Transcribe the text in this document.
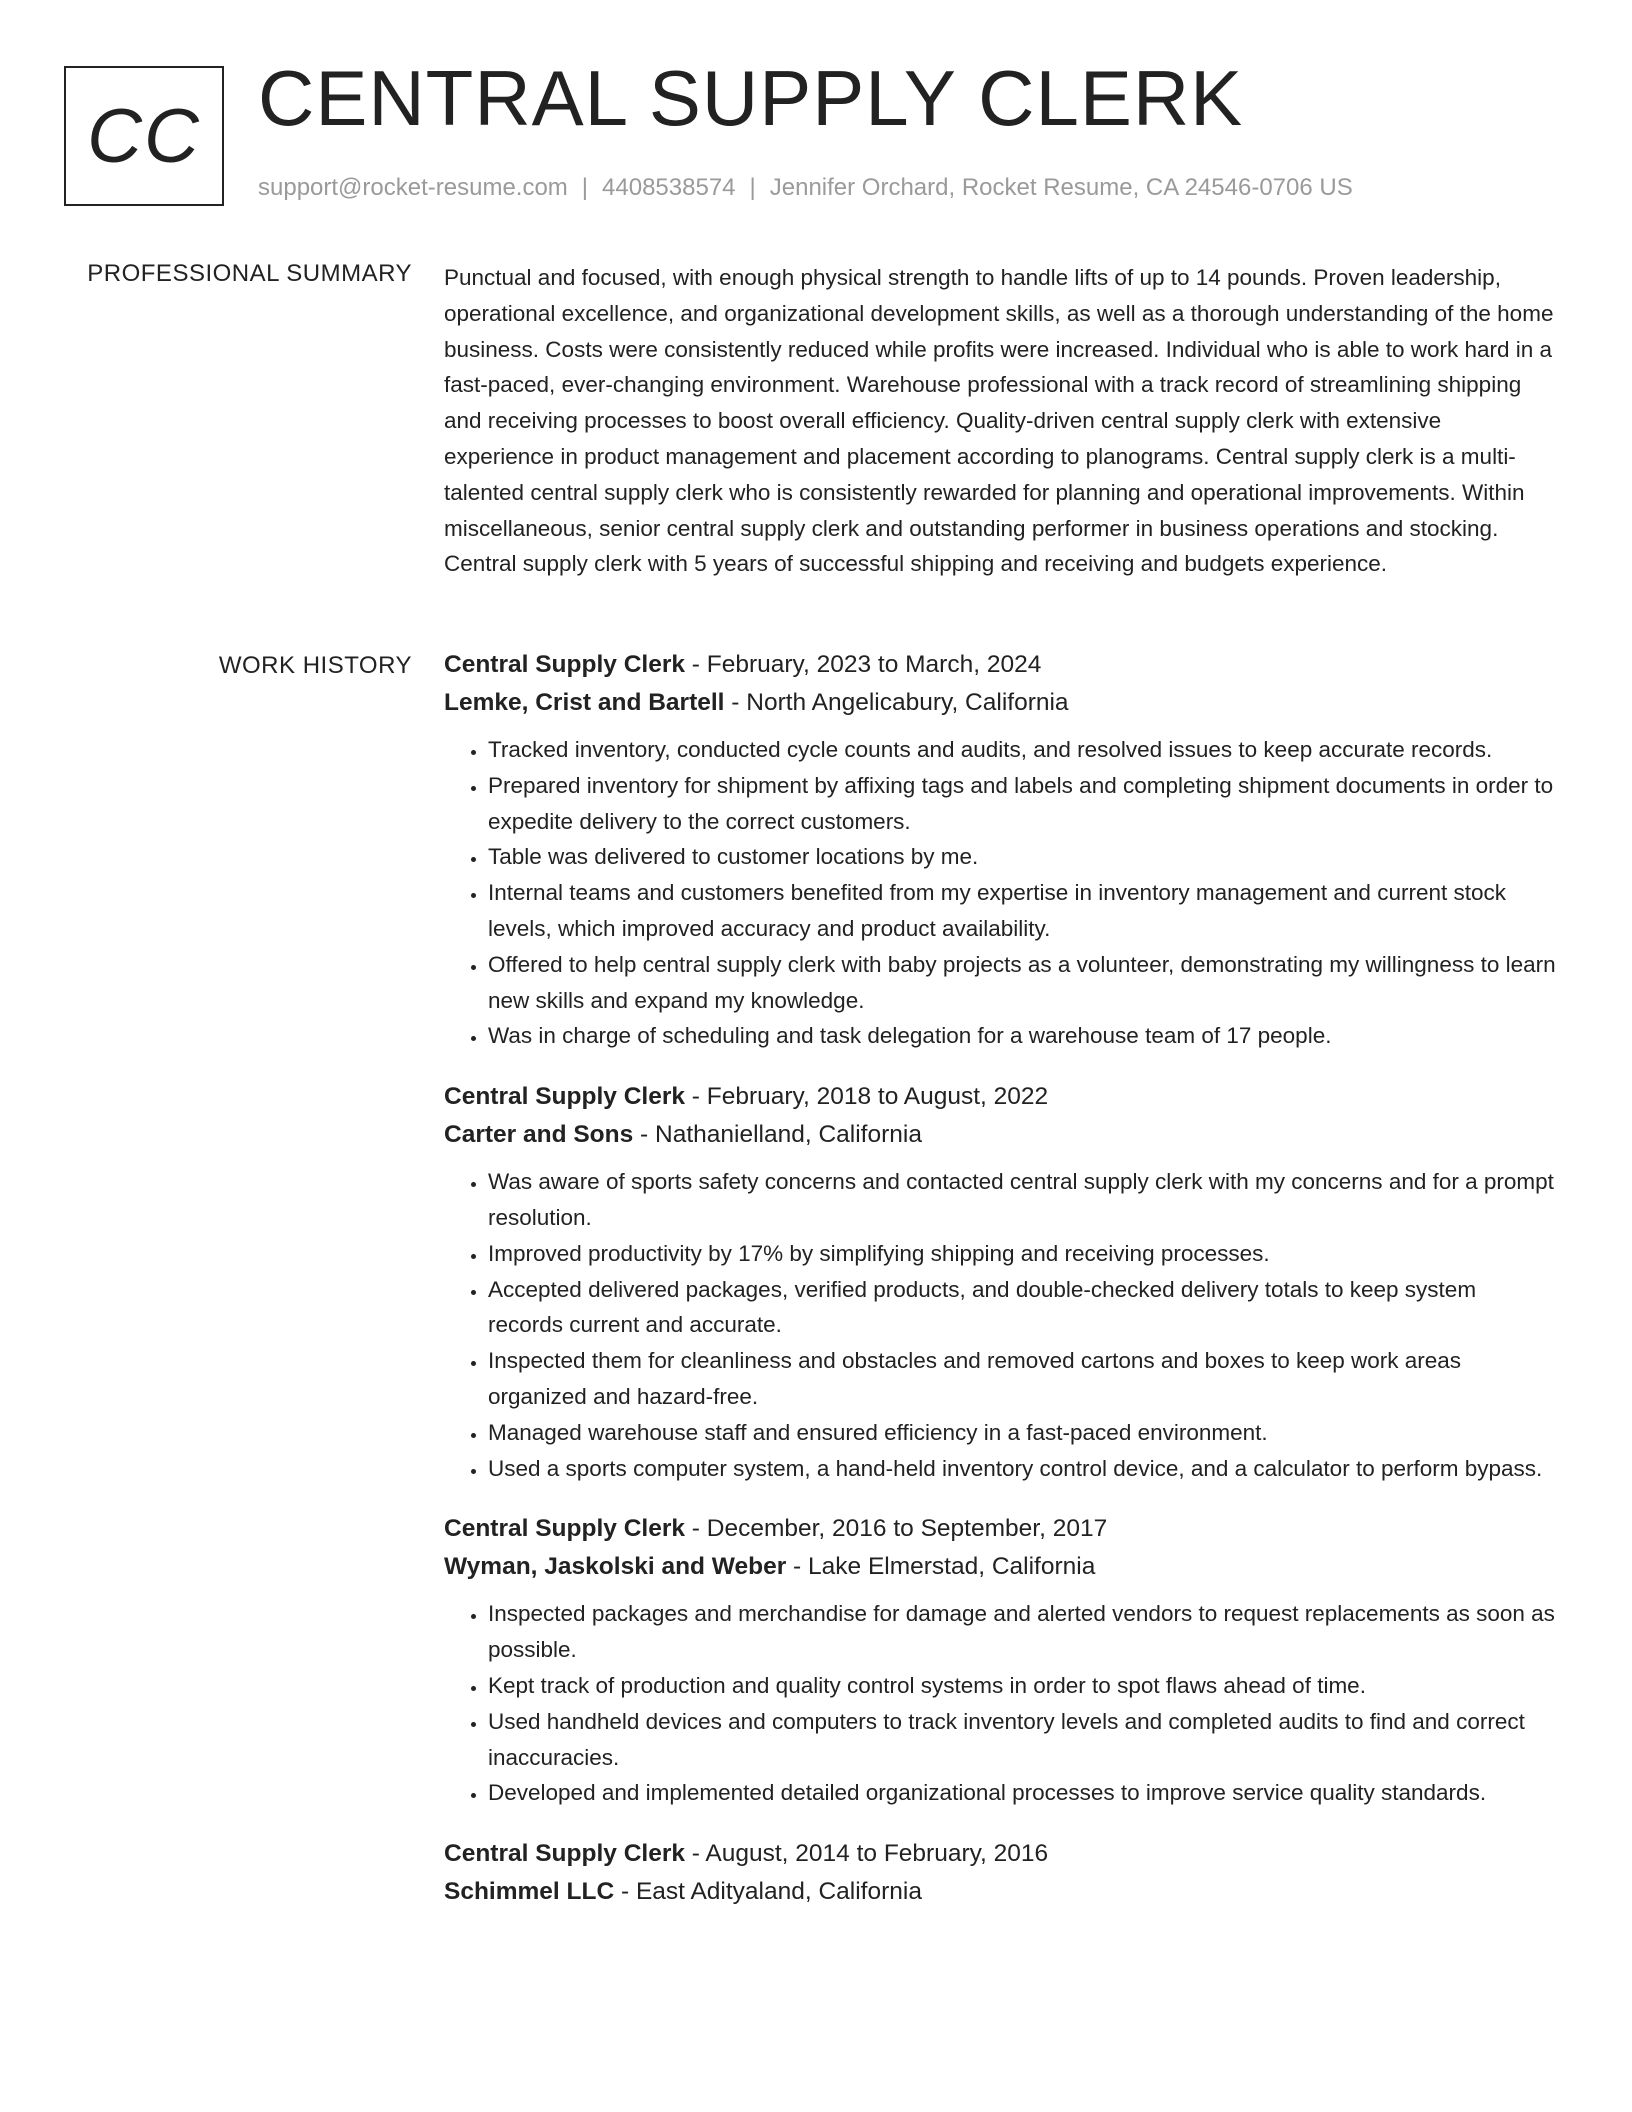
CC CENTRAL SUPPLY CLERK
support@rocket-resume.com | 4408538574 | Jennifer Orchard, Rocket Resume, CA 24546-0706 US
PROFESSIONAL SUMMARY Punctual and focused, with enough physical strength to handle lifts of up to 14 pounds. Proven leadership, operational excellence, and organizational development skills, as well as a thorough understanding of the home business. Costs were consistently reduced while profits were increased. Individual who is able to work hard in a fast-paced, ever-changing environment. Warehouse professional with a track record of streamlining shipping and receiving processes to boost overall efficiency. Quality-driven central supply clerk with extensive experience in product management and placement according to planograms. Central supply clerk is a multi-talented central supply clerk who is consistently rewarded for planning and operational improvements. Within miscellaneous, senior central supply clerk and outstanding performer in business operations and stocking. Central supply clerk with 5 years of successful shipping and receiving and budgets experience.

WORK HISTORY Central Supply Clerk - February, 2023 to March, 2024
Lemke, Crist and Bartell - North Angelicabury, California
• Tracked inventory, conducted cycle counts and audits, and resolved issues to keep accurate records.
• Prepared inventory for shipment by affixing tags and labels and completing shipment documents in order to expedite delivery to the correct customers.
• Table was delivered to customer locations by me.
• Internal teams and customers benefited from my expertise in inventory management and current stock levels, which improved accuracy and product availability.
• Offered to help central supply clerk with baby projects as a volunteer, demonstrating my willingness to learn new skills and expand my knowledge.
• Was in charge of scheduling and task delegation for a warehouse team of 17 people.
Central Supply Clerk - February, 2018 to August, 2022
Carter and Sons - Nathanielland, California
• Was aware of sports safety concerns and contacted central supply clerk with my concerns and for a prompt resolution.
• Improved productivity by 17% by simplifying shipping and receiving processes.
• Accepted delivered packages, verified products, and double-checked delivery totals to keep system records current and accurate.
• Inspected them for cleanliness and obstacles and removed cartons and boxes to keep work areas organized and hazard-free.
• Managed warehouse staff and ensured efficiency in a fast-paced environment.
• Used a sports computer system, a hand-held inventory control device, and a calculator to perform bypass.
Central Supply Clerk - December, 2016 to September, 2017
Wyman, Jaskolski and Weber - Lake Elmerstad, California
• Inspected packages and merchandise for damage and alerted vendors to request replacements as soon as possible.
• Kept track of production and quality control systems in order to spot flaws ahead of time.
• Used handheld devices and computers to track inventory levels and completed audits to find and correct inaccuracies.
• Developed and implemented detailed organizational processes to improve service quality standards.
Central Supply Clerk - August, 2014 to February, 2016
Schimmel LLC - East Adityaland, California
